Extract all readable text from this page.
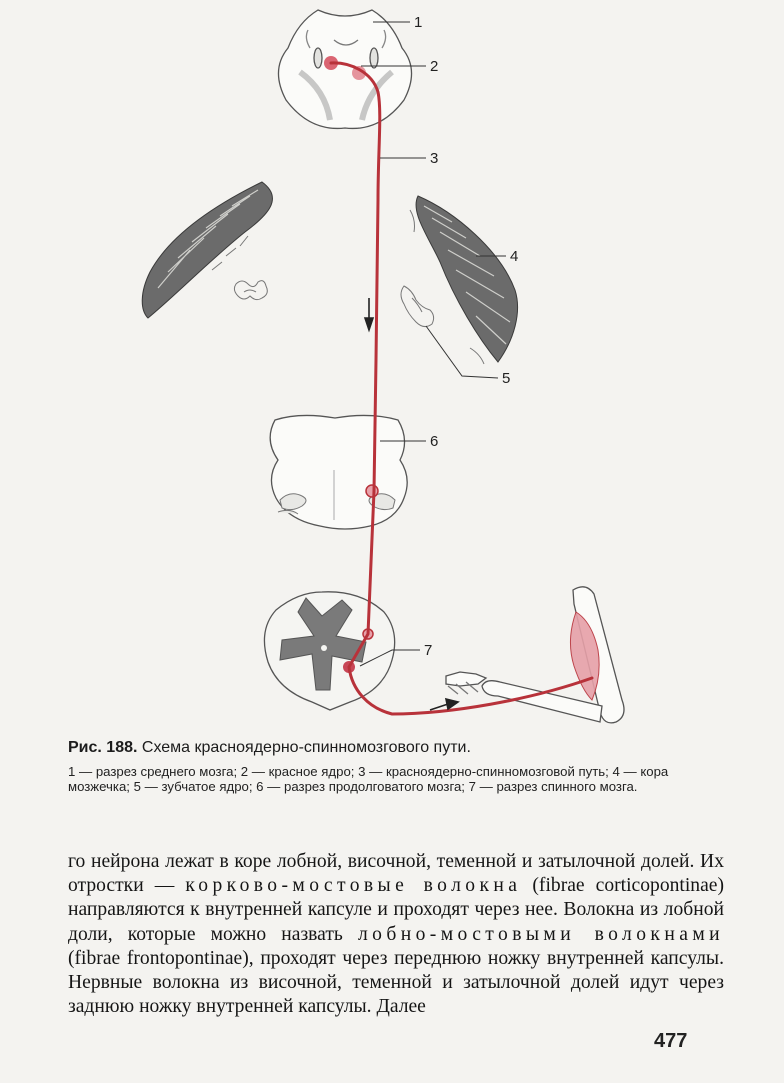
1
2
3
4
5
6
7

Рис. 188. Схема красноядерно-спинномозгового пути.

1 — разрез среднего мозга; 2 — красное ядро; 3 — красноядерно-спинномозговой путь; 4 — кора мозжечка; 5 — зубчатое ядро; 6 — разрез продолговатого мозга; 7 — разрез спинного мозга.

го нейрона лежат в коре лобной, височной, теменной и затылочной долей. Их отростки — корково-мостовые волокна (fibrae corticopontinae) направляются к внутренней капсуле и проходят через нее. Волокна из лобной доли, которые можно назвать лобно-мостовыми волокнами (fibrae frontopontinae), проходят через переднюю ножку внутренней капсулы. Нервные волокна из височной, теменной и затылочной долей идут через заднюю ножку внутренней капсулы. Далее

477
